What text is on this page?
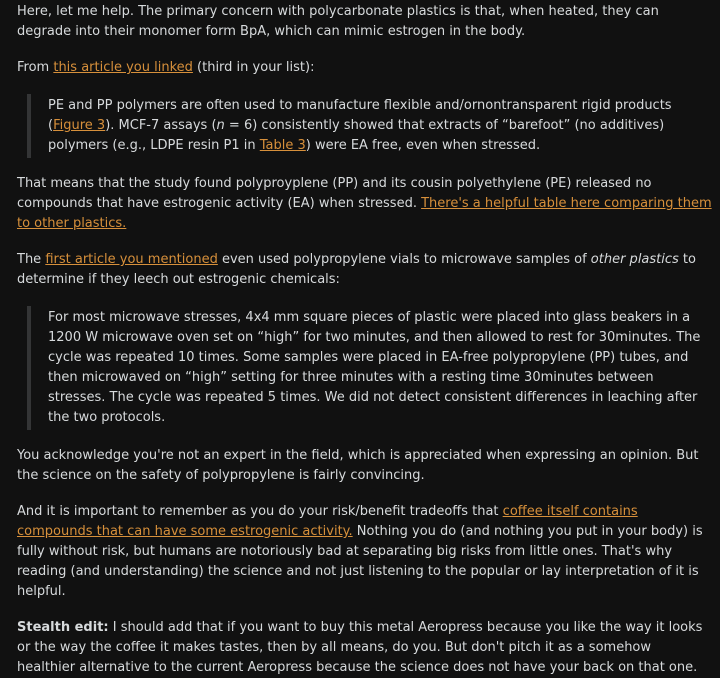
Here, let me help. The primary concern with polycarbonate plastics is that, when heated, they can degrade into their monomer form BpA, which can mimic estrogen in the body.

From this article you linked (third in your list):

PE and PP polymers are often used to manufacture flexible and/ornontransparent rigid products (Figure 3). MCF-7 assays (n = 6) consistently showed that extracts of “barefoot” (no additives) polymers (e.g., LDPE resin P1 in Table 3) were EA free, even when stressed.

That means that the study found polyproyplene (PP) and its cousin polyethylene (PE) released no compounds that have estrogenic activity (EA) when stressed. There's a helpful table here comparing them to other plastics.

The first article you mentioned even used polypropylene vials to microwave samples of other plastics to determine if they leech out estrogenic chemicals:

For most microwave stresses, 4x4 mm square pieces of plastic were placed into glass beakers in a 1200 W microwave oven set on “high” for two minutes, and then allowed to rest for 30minutes. The cycle was repeated 10 times. Some samples were placed in EA-free polypropylene (PP) tubes, and then microwaved on “high” setting for three minutes with a resting time 30minutes between stresses. The cycle was repeated 5 times. We did not detect consistent differences in leaching after the two protocols.

You acknowledge you're not an expert in the field, which is appreciated when expressing an opinion. But the science on the safety of polypropylene is fairly convincing.

And it is important to remember as you do your risk/benefit tradeoffs that coffee itself contains compounds that can have some estrogenic activity. Nothing you do (and nothing you put in your body) is fully without risk, but humans are notoriously bad at separating big risks from little ones. That's why reading (and understanding) the science and not just listening to the popular or lay interpretation of it is helpful.

Stealth edit: I should add that if you want to buy this metal Aeropress because you like the way it looks or the way the coffee it makes tastes, then by all means, do you. But don't pitch it as a somehow healthier alternative to the current Aeropress because the science does not have your back on that one.
